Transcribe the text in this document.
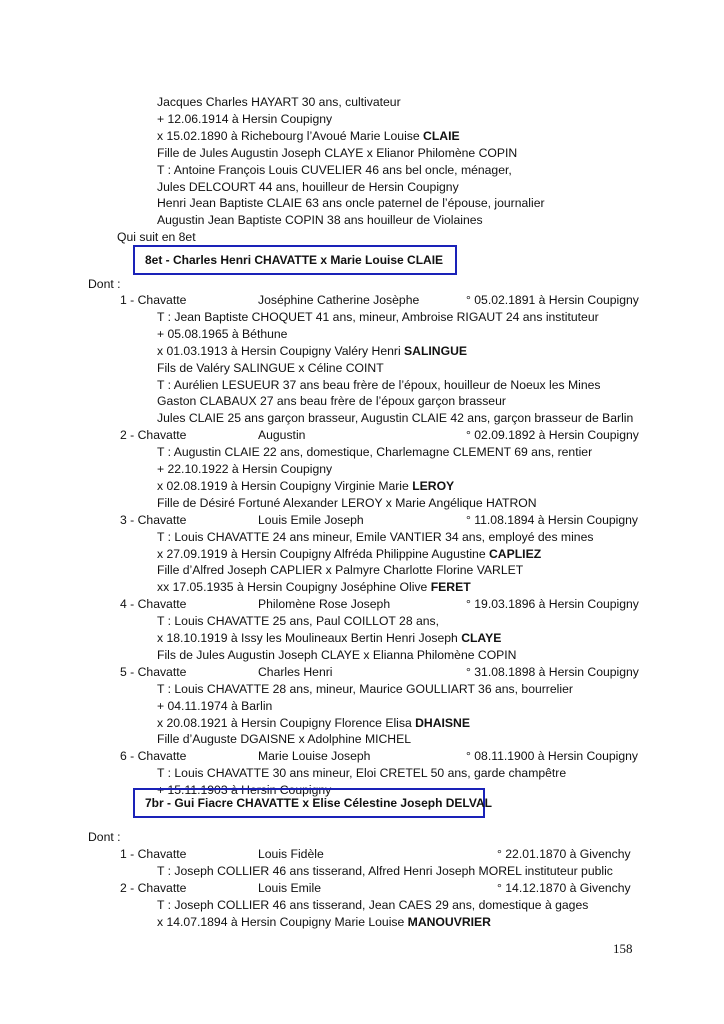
Jacques Charles HAYART 30 ans, cultivateur
+ 12.06.1914 à Hersin Coupigny
x 15.02.1890 à Richebourg l’Avoué Marie Louise CLAIE
Fille de Jules Augustin Joseph CLAYE x Elianor Philomène COPIN
T : Antoine François Louis CUVELIER 46 ans bel oncle, ménager,
Jules DELCOURT 44 ans, houilleur de Hersin Coupigny
Henri Jean Baptiste CLAIE 63 ans oncle paternel de l’épouse, journalier
Augustin Jean Baptiste COPIN 38 ans houilleur de Violaines
Qui suit en 8et
8et - Charles Henri CHAVATTE x Marie Louise CLAIE
Dont :
1 - Chavatte	Joséphine Catherine Josèphe	° 05.02.1891 à Hersin Coupigny
T : Jean Baptiste CHOQUET 41 ans, mineur, Ambroise RIGAUT 24 ans instituteur
+ 05.08.1965 à Béthune
x 01.03.1913 à Hersin Coupigny Valéry Henri SALINGUE
Fils de Valéry SALINGUE x Céline COINT
T : Aurélien LESUEUR 37 ans beau frère de l’époux, houilleur de Noeux les Mines
Gaston CLABAUX 27 ans beau frère de l’époux garçon brasseur
Jules CLAIE 25 ans garçon brasseur, Augustin CLAIE 42 ans, garçon brasseur de Barlin
2 - Chavatte	Augustin	° 02.09.1892 à Hersin Coupigny
T : Augustin CLAIE 22 ans, domestique, Charlemagne CLEMENT 69 ans, rentier
+ 22.10.1922 à Hersin Coupigny
x 02.08.1919 à Hersin Coupigny Virginie Marie LEROY
Fille de Désiré Fortuné Alexander LEROY x Marie Angélique HATRON
3 - Chavatte	Louis Emile Joseph	° 11.08.1894 à Hersin Coupigny
T : Louis CHAVATTE 24 ans mineur, Emile VANTIER 34 ans, employé des mines
x 27.09.1919 à Hersin Coupigny Alfréda Philippine Augustine CAPLIEZ
Fille d’Alfred Joseph CAPLIER x Palmyre Charlotte Florine VARLET
xx 17.05.1935 à Hersin Coupigny Joséphine Olive FERET
4 - Chavatte	Philomène Rose Joseph	° 19.03.1896 à Hersin Coupigny
T : Louis CHAVATTE 25 ans, Paul COILLOT 28 ans,
x 18.10.1919 à Issy les Moulineaux Bertin Henri Joseph CLAYE
Fils de Jules Augustin Joseph CLAYE x Elianna Philomène COPIN
5 - Chavatte	Charles Henri	° 31.08.1898 à Hersin Coupigny
T : Louis CHAVATTE 28 ans, mineur, Maurice GOULLIART 36 ans, bourrelier
+ 04.11.1974 à Barlin
x 20.08.1921 à Hersin Coupigny Florence Elisa DHAISNE
Fille d’Auguste DGAISNE x Adolphine MICHEL
6 - Chavatte	Marie Louise Joseph	° 08.11.1900 à Hersin Coupigny
T : Louis CHAVATTE 30 ans mineur, Eloi CRETEL 50 ans, garde champêtre
+ 15.11.1903 à Hersin Coupigny
7br - Gui Fiacre CHAVATTE x Elise Célestine Joseph DELVAL
Dont :
1 - Chavatte	Louis Fidèle	° 22.01.1870 à Givenchy
T : Joseph COLLIER 46 ans tisserand, Alfred Henri Joseph MOREL instituteur public
2 - Chavatte	Louis Emile	° 14.12.1870 à Givenchy
T : Joseph COLLIER 46 ans tisserand, Jean CAES 29 ans, domestique à gages
x 14.07.1894 à Hersin Coupigny Marie Louise MANOUVRIER
158
